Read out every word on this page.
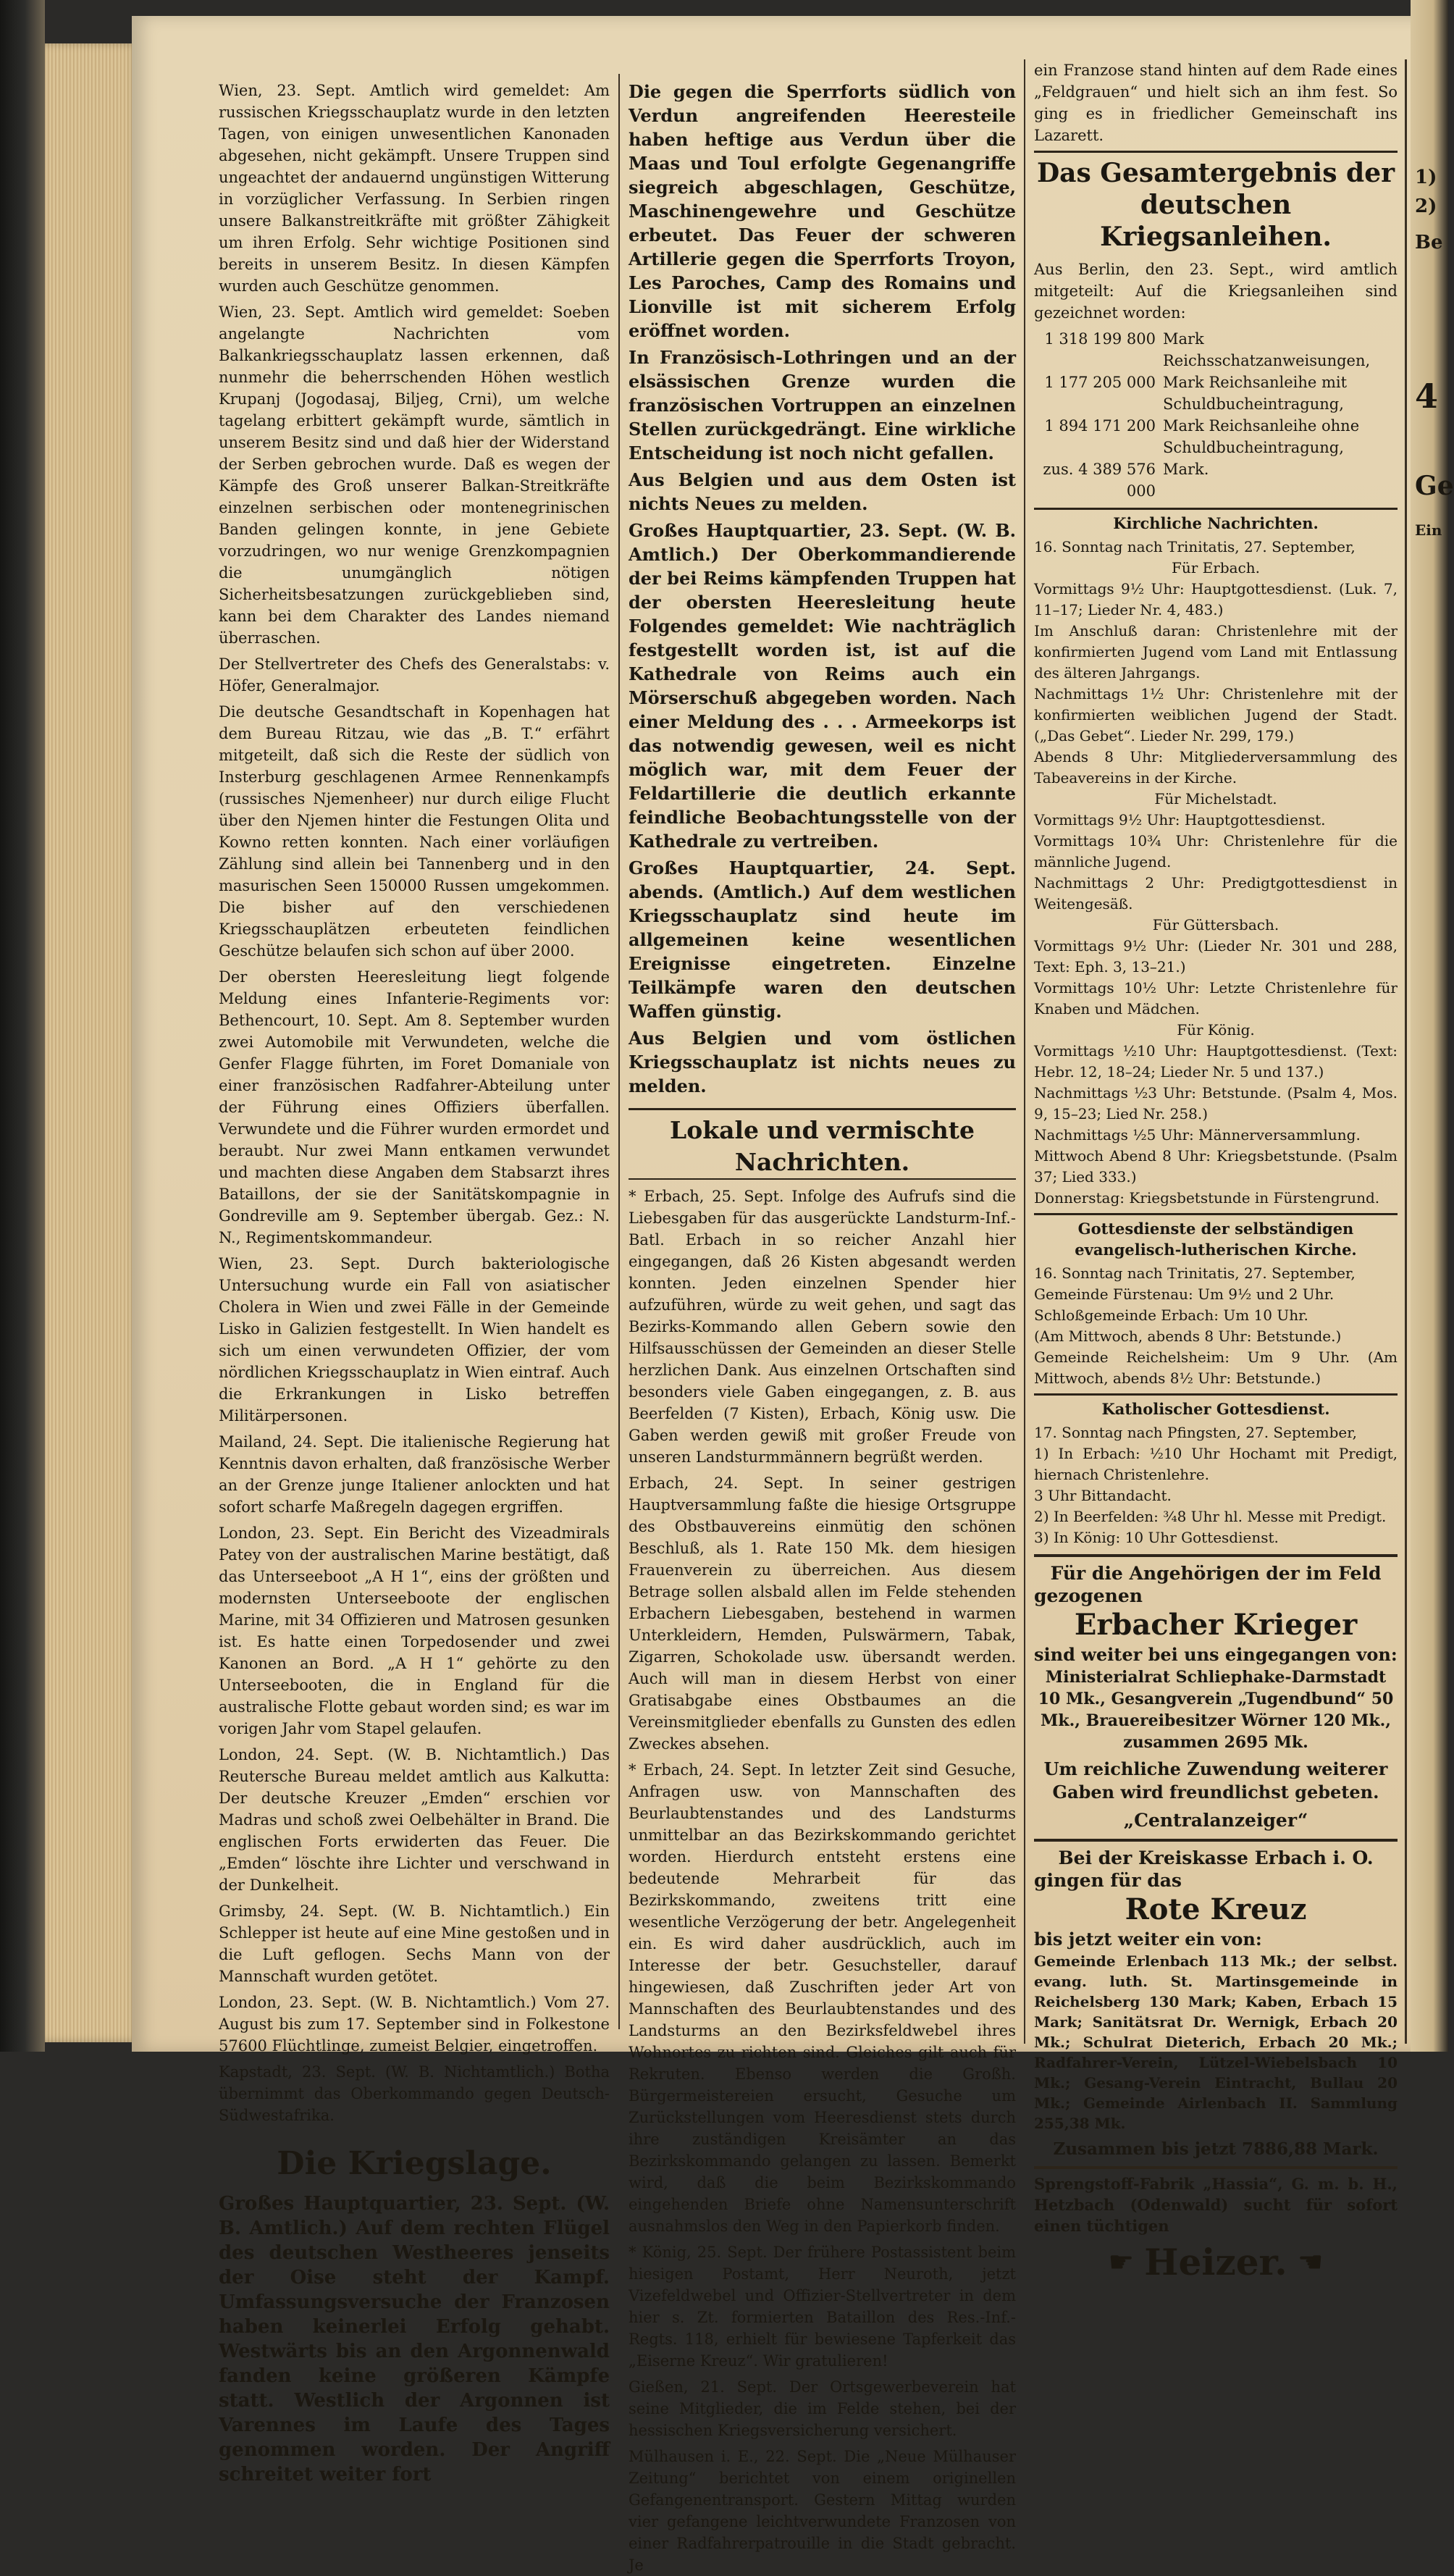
Wien, 23. Sept. Amtlich wird gemeldet: Am russischen Kriegsschauplatz wurde in den letzten Tagen, von einigen unwesentlichen Kanonaden abgesehen, nicht gekämpft. Unsere Truppen sind ungeachtet der andauernd ungünstigen Witterung in vorzüglicher Verfassung. In Serbien ringen unsere Balkanstreitkräfte mit größter Zähigkeit um ihren Erfolg. Sehr wichtige Positionen sind bereits in unserem Besitz. In diesen Kämpfen wurden auch Geschütze genommen.

Wien, 23. Sept. Amtlich wird gemeldet: Soeben angelangte Nachrichten vom Balkankriegsschauplatz lassen erkennen, daß nunmehr die beherrschenden Höhen westlich Krupanj (Jogodasaj, Biljeg, Crni), um welche tagelang erbittert gekämpft wurde, sämtlich in unserem Besitz sind und daß hier der Widerstand der Serben gebrochen wurde. Daß es wegen der Kämpfe des Groß unserer Balkan-Streitkräfte einzelnen serbischen oder montenegrinischen Banden gelingen konnte, in jene Gebiete vorzudringen, wo nur wenige Grenzkompagnien die unumgänglich nötigen Sicherheitsbesatzungen zurückgeblieben sind, kann bei dem Charakter des Landes niemand überraschen.

Der Stellvertreter des Chefs des Generalstabs: v. Höfer, Generalmajor.

Die deutsche Gesandtschaft in Kopenhagen hat dem Bureau Ritzau, wie das „B. T.“ erfährt mitgeteilt, daß sich die Reste der südlich von Insterburg geschlagenen Armee Rennenkampfs (russisches Njemenheer) nur durch eilige Flucht über den Njemen hinter die Festungen Olita und Kowno retten konnten. Nach einer vorläufigen Zählung sind allein bei Tannenberg und in den masurischen Seen 150000 Russen umgekommen. Die bisher auf den verschiedenen Kriegsschauplätzen erbeuteten feindlichen Geschütze belaufen sich schon auf über 2000.

Der obersten Heeresleitung liegt folgende Meldung eines Infanterie-Regiments vor: Bethencourt, 10. Sept. Am 8. September wurden zwei Automobile mit Verwundeten, welche die Genfer Flagge führten, im Foret Domaniale von einer französischen Radfahrer-Abteilung unter der Führung eines Offiziers überfallen. Verwundete und die Führer wurden ermordet und beraubt. Nur zwei Mann entkamen verwundet und machten diese Angaben dem Stabsarzt ihres Bataillons, der sie der Sanitätskompagnie in Gondreville am 9. September übergab. Gez.: N. N., Regimentskommandeur.

Wien, 23. Sept. Durch bakteriologische Untersuchung wurde ein Fall von asiatischer Cholera in Wien und zwei Fälle in der Gemeinde Lisko in Galizien festgestellt. In Wien handelt es sich um einen verwundeten Offizier, der vom nördlichen Kriegsschauplatz in Wien eintraf. Auch die Erkrankungen in Lisko betreffen Militärpersonen.

Mailand, 24. Sept. Die italienische Regierung hat Kenntnis davon erhalten, daß französische Werber an der Grenze junge Italiener anlockten und hat sofort scharfe Maßregeln dagegen ergriffen.

London, 23. Sept. Ein Bericht des Vizeadmirals Patey von der australischen Marine bestätigt, daß das Unterseeboot „A H 1“, eins der größten und modernsten Unterseeboote der englischen Marine, mit 34 Offizieren und Matrosen gesunken ist. Es hatte einen Torpedosender und zwei Kanonen an Bord. „A H 1“ gehörte zu den Unterseebooten, die in England für die australische Flotte gebaut worden sind; es war im vorigen Jahr vom Stapel gelaufen.

London, 24. Sept. (W. B. Nichtamtlich.) Das Reutersche Bureau meldet amtlich aus Kalkutta: Der deutsche Kreuzer „Emden“ erschien vor Madras und schoß zwei Oelbehälter in Brand. Die englischen Forts erwiderten das Feuer. Die „Emden“ löschte ihre Lichter und verschwand in der Dunkelheit.

Grimsby, 24. Sept. (W. B. Nichtamtlich.) Ein Schlepper ist heute auf eine Mine gestoßen und in die Luft geflogen. Sechs Mann von der Mannschaft wurden getötet.

London, 23. Sept. (W. B. Nichtamtlich.) Vom 27. August bis zum 17. September sind in Folkestone 57600 Flüchtlinge, zumeist Belgier, eingetroffen.

Kapstadt, 23. Sept. (W. B. Nichtamtlich.) Botha übernimmt das Oberkommando gegen Deutsch-Südwestafrika.

Die Kriegslage.

Großes Hauptquartier, 23. Sept. (W. B. Amtlich.) Auf dem rechten Flügel des deutschen Westheeres jenseits der Oise steht der Kampf. Umfassungsversuche der Franzosen haben keinerlei Erfolg gehabt. Westwärts bis an den Argonnenwald fanden keine größeren Kämpfe statt. Westlich der Argonnen ist Varennes im Laufe des Tages genommen worden. Der Angriff schreitet weiter fort

Die gegen die Sperrforts südlich von Verdun angreifenden Heeresteile haben heftige aus Verdun über die Maas und Toul erfolgte Gegenangriffe siegreich abgeschlagen, Geschütze, Maschinengewehre und Geschütze erbeutet. Das Feuer der schweren Artillerie gegen die Sperrforts Troyon, Les Paroches, Camp des Romains und Lionville ist mit sicherem Erfolg eröffnet worden.

In Französisch-Lothringen und an der elsässischen Grenze wurden die französischen Vortruppen an einzelnen Stellen zurückgedrängt. Eine wirkliche Entscheidung ist noch nicht gefallen.

Aus Belgien und aus dem Osten ist nichts Neues zu melden.

Großes Hauptquartier, 23. Sept. (W. B. Amtlich.) Der Oberkommandierende der bei Reims kämpfenden Truppen hat der obersten Heeresleitung heute Folgendes gemeldet: Wie nachträglich festgestellt worden ist, ist auf die Kathedrale von Reims auch ein Mörserschuß abgegeben worden. Nach einer Meldung des . . . Armeekorps ist das notwendig gewesen, weil es nicht möglich war, mit dem Feuer der Feldartillerie die deutlich erkannte feindliche Beobachtungsstelle von der Kathedrale zu vertreiben.

Großes Hauptquartier, 24. Sept. abends. (Amtlich.) Auf dem westlichen Kriegsschauplatz sind heute im allgemeinen keine wesentlichen Ereignisse eingetreten. Einzelne Teilkämpfe waren den deutschen Waffen günstig.

Aus Belgien und vom östlichen Kriegsschauplatz ist nichts neues zu melden.

Lokale und vermischte Nachrichten.

* Erbach, 25. Sept. Infolge des Aufrufs sind die Liebesgaben für das ausgerückte Landsturm-Inf.-Batl. Erbach in so reicher Anzahl hier eingegangen, daß 26 Kisten abgesandt werden konnten. Jeden einzelnen Spender hier aufzuführen, würde zu weit gehen, und sagt das Bezirks-Kommando allen Gebern sowie den Hilfsausschüssen der Gemeinden an dieser Stelle herzlichen Dank. Aus einzelnen Ortschaften sind besonders viele Gaben eingegangen, z. B. aus Beerfelden (7 Kisten), Erbach, König usw. Die Gaben werden gewiß mit großer Freude von unseren Landsturmmännern begrüßt werden.

Erbach, 24. Sept. In seiner gestrigen Hauptversammlung faßte die hiesige Ortsgruppe des Obstbauvereins einmütig den schönen Beschluß, als 1. Rate 150 Mk. dem hiesigen Frauenverein zu überreichen. Aus diesem Betrage sollen alsbald allen im Felde stehenden Erbachern Liebesgaben, bestehend in warmen Unterkleidern, Hemden, Pulswärmern, Tabak, Zigarren, Schokolade usw. übersandt werden. Auch will man in diesem Herbst von einer Gratisabgabe eines Obstbaumes an die Vereinsmitglieder ebenfalls zu Gunsten des edlen Zweckes absehen.

* Erbach, 24. Sept. In letzter Zeit sind Gesuche, Anfragen usw. von Mannschaften des Beurlaubtenstandes und des Landsturms unmittelbar an das Bezirkskommando gerichtet worden. Hierdurch entsteht erstens eine bedeutende Mehrarbeit für das Bezirkskommando, zweitens tritt eine wesentliche Verzögerung der betr. Angelegenheit ein. Es wird daher ausdrücklich, auch im Interesse der betr. Gesuchsteller, darauf hingewiesen, daß Zuschriften jeder Art von Mannschaften des Beurlaubtenstandes und des Landsturms an den Bezirksfeldwebel ihres Wohnortes zu richten sind. Gleiches gilt auch für Rekruten. Ebenso werden die Großh. Bürgermeistereien ersucht, Gesuche um Zurückstellungen vom Heeresdienst stets durch ihre zuständigen Kreisämter an das Bezirkskommando gelangen zu lassen. Bemerkt wird, daß die beim Bezirkskommando eingehenden Briefe ohne Namensunterschrift ausnahmslos den Weg in den Papierkorb finden.

* König, 25. Sept. Der frühere Postassistent beim hiesigen Postamt, Herr Neuroth, jetzt Vizefeldwebel und Offizier-Stellvertreter in dem hier s. Zt. formierten Bataillon des Res.-Inf.-Regts. 118, erhielt für bewiesene Tapferkeit das „Eiserne Kreuz“. Wir gratulieren!

Gießen, 21. Sept. Der Ortsgewerbeverein hat seine Mitglieder, die im Felde stehen, bei der hessischen Kriegsversicherung versichert.

Mülhausen i. E., 22. Sept. Die „Neue Mülhauser Zeitung“ berichtet von einem originellen Gefangenentransport. Gestern Mittag wurden vier gefangene leichtverwundete Franzosen von einer Radfahrerpatrouille in die Stadt gebracht. Je

ein Franzose stand hinten auf dem Rade eines „Feldgrauen“ und hielt sich an ihm fest. So ging es in friedlicher Gemeinschaft ins Lazarett.

Das Gesamtergebnis der deutschen Kriegsanleihen.

Aus Berlin, den 23. Sept., wird amtlich mitgeteilt: Auf die Kriegsanleihen sind gezeichnet worden:

1 318 199 800 Mark Reichsschatzanweisungen,
1 177 205 000 Mark Reichsanleihe mit Schuldbucheintragung,
1 894 171 200 Mark Reichsanleihe ohne Schuldbucheintragung,
zus. 4 389 576 000
Mark.
Kirchliche Nachrichten.

16. Sonntag nach Trinitatis, 27. September,

Für Erbach.

Vormittags 9½ Uhr: Hauptgottesdienst. (Luk. 7, 11–17; Lieder Nr. 4, 483.)

Im Anschluß daran: Christenlehre mit der konfirmierten Jugend vom Land mit Entlassung des älteren Jahrgangs.

Nachmittags 1½ Uhr: Christenlehre mit der konfirmierten weiblichen Jugend der Stadt. („Das Gebet“. Lieder Nr. 299, 179.)

Abends 8 Uhr: Mitgliederversammlung des Tabeavereins in der Kirche.

Für Michelstadt.

Vormittags 9½ Uhr: Hauptgottesdienst.

Vormittags 10¾ Uhr: Christenlehre für die männliche Jugend.

Nachmittags 2 Uhr: Predigtgottesdienst in Weitengesäß.

Für Güttersbach.

Vormittags 9½ Uhr: (Lieder Nr. 301 und 288, Text: Eph. 3, 13–21.)

Vormittags 10½ Uhr: Letzte Christenlehre für Knaben und Mädchen.

Für König.

Vormittags ½10 Uhr: Hauptgottesdienst. (Text: Hebr. 12, 18–24; Lieder Nr. 5 und 137.)

Nachmittags ½3 Uhr: Betstunde. (Psalm 4, Mos. 9, 15–23; Lied Nr. 258.)

Nachmittags ½5 Uhr: Männerversammlung.

Mittwoch Abend 8 Uhr: Kriegsbetstunde. (Psalm 37; Lied 333.)

Donnerstag: Kriegsbetstunde in Fürstengrund.

Gottesdienste der selbständigen evangelisch-lutherischen Kirche.

16. Sonntag nach Trinitatis, 27. September,

Gemeinde Fürstenau: Um 9½ und 2 Uhr.

Schloßgemeinde Erbach: Um 10 Uhr.

(Am Mittwoch, abends 8 Uhr: Betstunde.)

Gemeinde Reichelsheim: Um 9 Uhr. (Am Mittwoch, abends 8½ Uhr: Betstunde.)

Katholischer Gottesdienst.

17. Sonntag nach Pfingsten, 27. September,

1) In Erbach: ½10 Uhr Hochamt mit Predigt, hiernach Christenlehre.

3 Uhr Bittandacht.

2) In Beerfelden: ¾8 Uhr hl. Messe mit Predigt.

3) In König: 10 Uhr Gottesdienst.

Für die Angehörigen der im Feld
gezogenen
Erbacher Krieger
sind weiter bei uns eingegangen von:

Ministerialrat Schliephake-Darmstadt 10 Mk., Gesangverein „Tugendbund“ 50 Mk., Brauereibesitzer Wörner 120 Mk., zusammen 2695 Mk.

Um reichliche Zuwendung weiterer Gaben wird freundlichst gebeten.

„Centralanzeiger“
Bei der Kreiskasse Erbach i. O.
gingen für das
Rote Kreuz
bis jetzt weiter ein von:

Gemeinde Erlenbach 113 Mk.; der selbst. evang. luth. St. Martinsgemeinde in Reichelsberg 130 Mark; Kaben, Erbach 15 Mark; Sanitätsrat Dr. Wernigk, Erbach 20 Mk.; Schulrat Dieterich, Erbach 20 Mk.; Radfahrer-Verein, Lützel-Wiebelsbach 10 Mk.; Gesang-Verein Eintracht, Bullau 20 Mk.; Gemeinde Airlenbach II. Sammlung 255,38 Mk.

Zusammen bis jetzt 7886,88 Mark.

Sprengstoff-Fabrik „Hassia“, G. m. b. H., Hetzbach (Odenwald) sucht für sofort einen tüchtigen

☛ Heizer. ☚
1)
2)
Be
4
Ge
Ein
